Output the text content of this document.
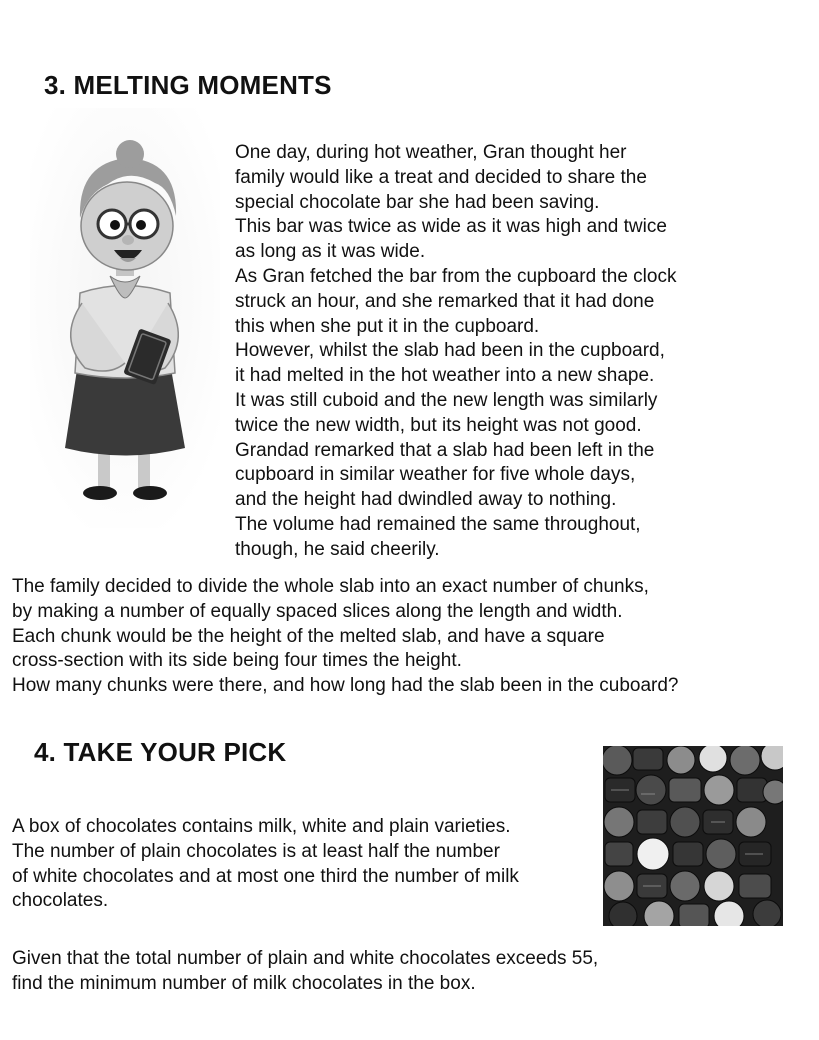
3. MELTING MOMENTS
One day, during hot weather, Gran thought her
family would like a treat and decided to share the
special chocolate bar she had been saving.
This bar was twice as wide as it was high and twice
as long as it was wide.
As Gran fetched the bar from the cupboard the clock
struck an hour, and she remarked that it had done
this when she put it in the cupboard.
However, whilst the slab had been in the cupboard,
it had melted in the hot weather into a new shape.
It was still cuboid and the new length was similarly
twice the new width, but its height was not good.
Grandad remarked that a slab had been left in the
cupboard in similar weather for five whole days,
and the height had dwindled away to nothing.
The volume had remained the same throughout,
though, he said cheerily.
The family decided to divide the whole slab into an exact number of chunks,
by making a number of equally spaced slices along the length and width.
Each chunk would be the height of the melted slab, and have a square
cross-section with its side being four times the height.
How many chunks were there, and how long had the slab been in the cuboard?
4. TAKE YOUR PICK
A box of chocolates contains milk, white and plain varieties.
The number of plain chocolates is at least half the number
of white chocolates and at most one third the number of milk
chocolates.
Given that the total number of plain and white chocolates exceeds 55,
find the minimum number of milk chocolates in the box.
